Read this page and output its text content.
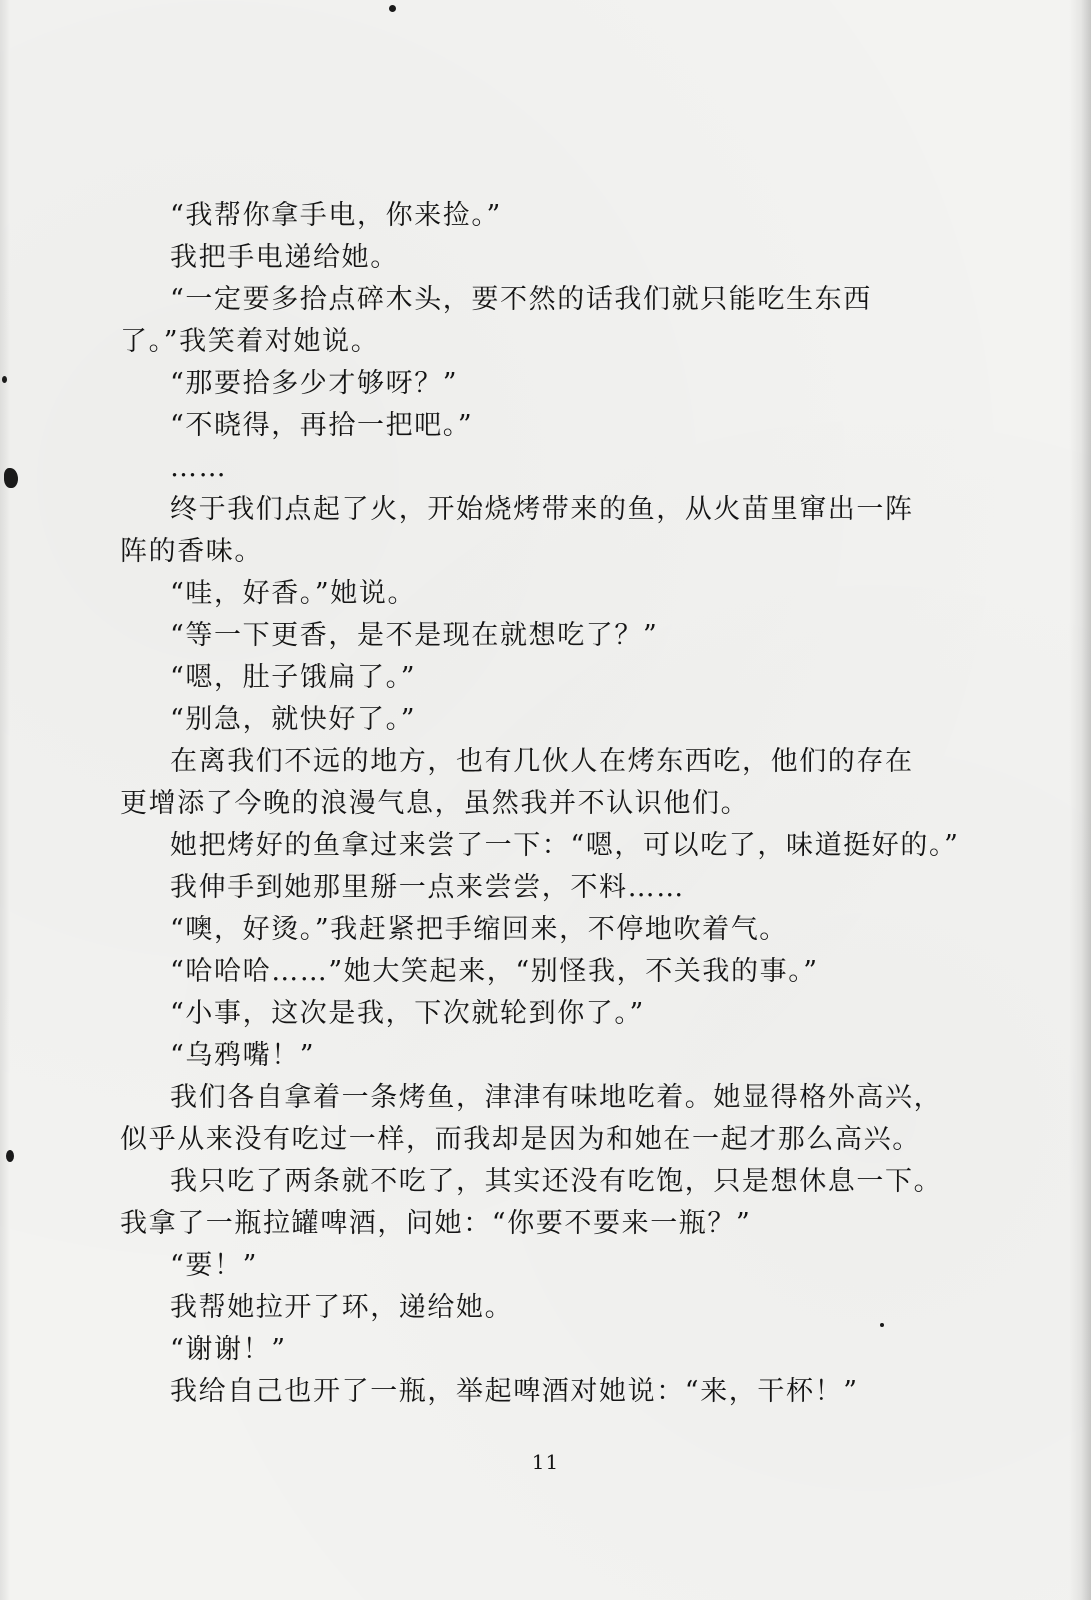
“我帮你拿手电，你来捡。”
我把手电递给她。
“一定要多拾点碎木头，要不然的话我们就只能吃生东西
了。”我笑着对她说。
“那要拾多少才够呀？”
“不晓得，再拾一把吧。”
……
终于我们点起了火，开始烧烤带来的鱼，从火苗里窜出一阵
阵的香味。
“哇，好香。”她说。
“等一下更香，是不是现在就想吃了？”
“嗯，肚子饿扁了。”
“别急，就快好了。”
在离我们不远的地方，也有几伙人在烤东西吃，他们的存在
更增添了今晚的浪漫气息，虽然我并不认识他们。
她把烤好的鱼拿过来尝了一下：“嗯，可以吃了，味道挺好的。”
我伸手到她那里掰一点来尝尝，不料……
“噢，好烫。”我赶紧把手缩回来，不停地吹着气。
“哈哈哈……”她大笑起来，“别怪我，不关我的事。”
“小事，这次是我，下次就轮到你了。”
“乌鸦嘴！”
我们各自拿着一条烤鱼，津津有味地吃着。她显得格外高兴，
似乎从来没有吃过一样，而我却是因为和她在一起才那么高兴。
我只吃了两条就不吃了，其实还没有吃饱，只是想休息一下。
我拿了一瓶拉罐啤酒，问她：“你要不要来一瓶？”
“要！”
我帮她拉开了环，递给她。
“谢谢！”
我给自己也开了一瓶，举起啤酒对她说：“来，干杯！”
11
